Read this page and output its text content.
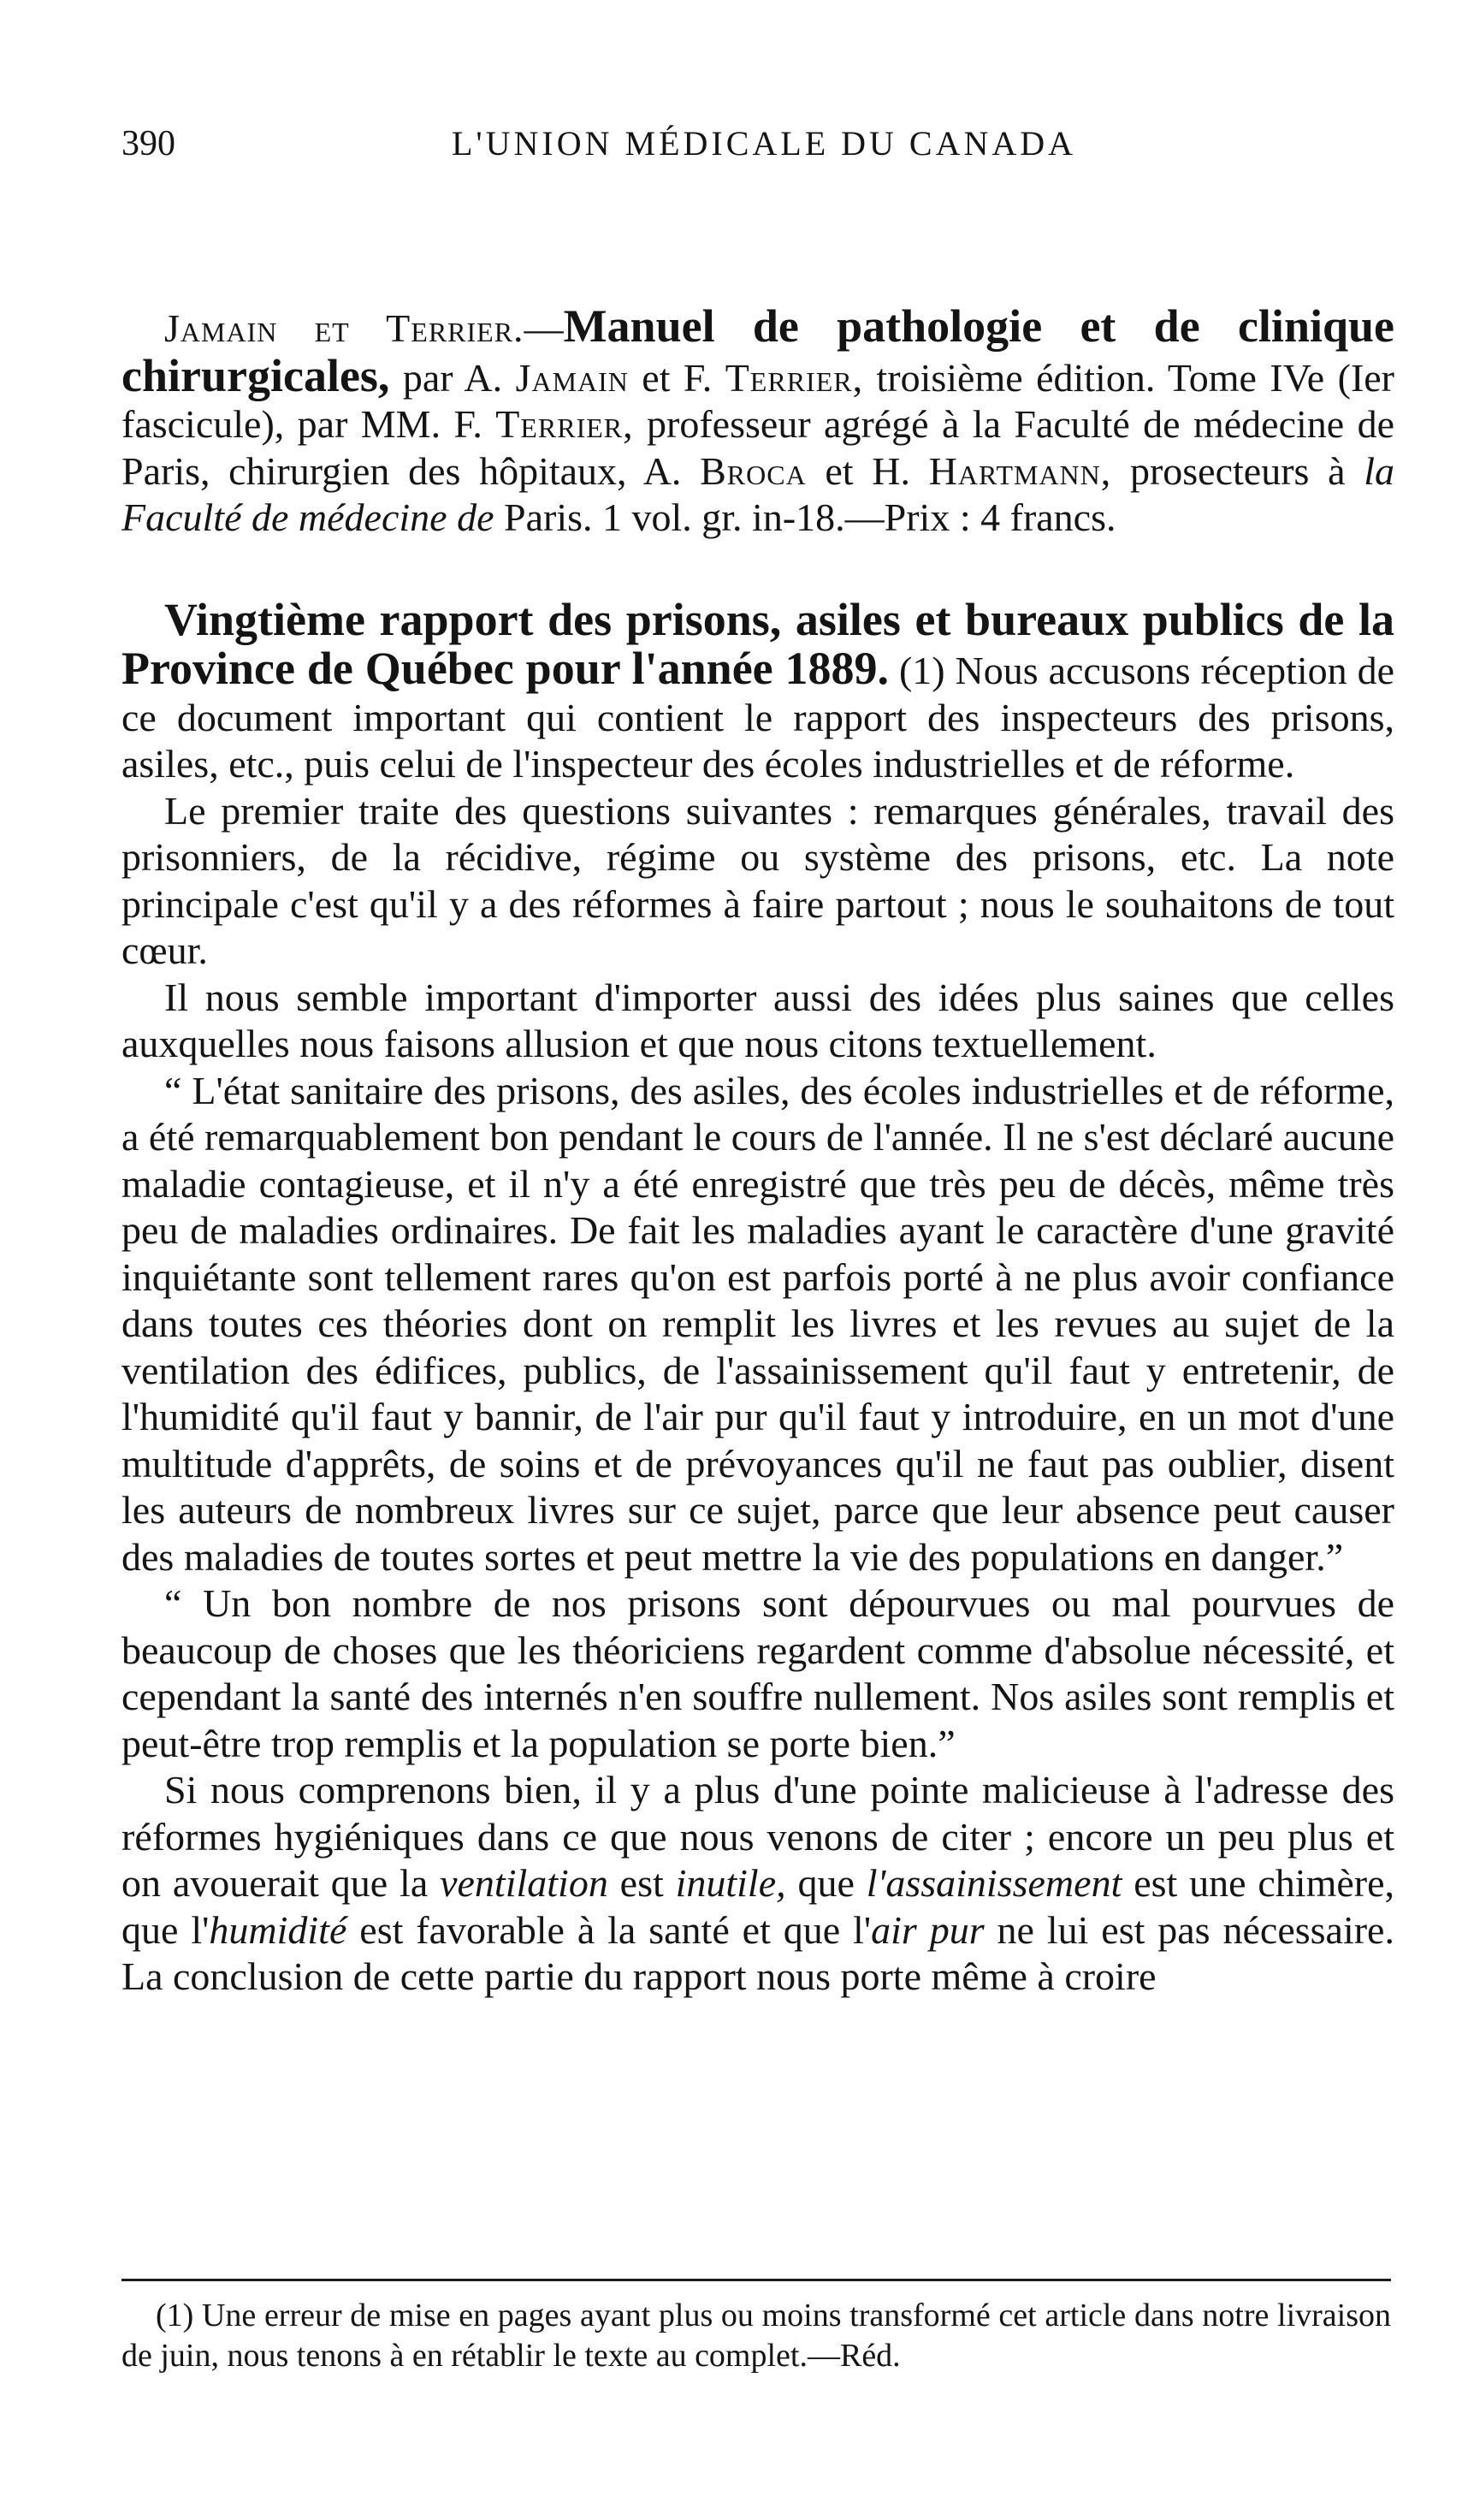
390	L'UNION MÉDICALE DU CANADA

Jamain et Terrier.—Manuel de pathologie et de clinique chirurgicales, par A. Jamain et F. Terrier, troisième édition. Tome IVe (Ier fascicule), par MM. F. Terrier, professeur agrégé à la Faculté de médecine de Paris, chirurgien des hôpitaux, A. Broca et H. Hartmann, prosecteurs à la Faculté de médecine de Paris. 1 vol. gr. in-18.—Prix : 4 francs.

Vingtième rapport des prisons, asiles et bureaux publics de la Province de Québec pour l'année 1889. (1) Nous accusons réception de ce document important qui contient le rapport des inspecteurs des prisons, asiles, etc., puis celui de l'inspecteur des écoles industrielles et de réforme.

Le premier traite des questions suivantes : remarques générales, travail des prisonniers, de la récidive, régime ou système des prisons, etc. La note principale c'est qu'il y a des réformes à faire partout ; nous le souhaitons de tout cœur.

Il nous semble important d'importer aussi des idées plus saines que celles auxquelles nous faisons allusion et que nous citons textuellement.

“ L'état sanitaire des prisons, des asiles, des écoles industrielles et de réforme, a été remarquablement bon pendant le cours de l'année. Il ne s'est déclaré aucune maladie contagieuse, et il n'y a été enregistré que très peu de décès, même très peu de maladies ordinaires. De fait les maladies ayant le caractère d'une gravité inquiétante sont tellement rares qu'on est parfois porté à ne plus avoir confiance dans toutes ces théories dont on remplit les livres et les revues au sujet de la ventilation des édifices, publics, de l'assainissement qu'il faut y entretenir, de l'humidité qu'il faut y bannir, de l'air pur qu'il faut y introduire, en un mot d'une multitude d'apprêts, de soins et de prévoyances qu'il ne faut pas oublier, disent les auteurs de nombreux livres sur ce sujet, parce que leur absence peut causer des maladies de toutes sortes et peut mettre la vie des populations en danger.”

“ Un bon nombre de nos prisons sont dépourvues ou mal pourvues de beaucoup de choses que les théoriciens regardent comme d'absolue nécessité, et cependant la santé des internés n'en souffre nullement. Nos asiles sont remplis et peut-être trop remplis et la population se porte bien.”

Si nous comprenons bien, il y a plus d'une pointe malicieuse à l'adresse des réformes hygiéniques dans ce que nous venons de citer ; encore un peu plus et on avouerait que la ventilation est inutile, que l'assainissement est une chimère, que l'humidité est favorable à la santé et que l'air pur ne lui est pas nécessaire. La conclusion de cette partie du rapport nous porte même à croire

(1) Une erreur de mise en pages ayant plus ou moins transformé cet article dans notre livraison de juin, nous tenons à en rétablir le texte au complet.—Réd.
